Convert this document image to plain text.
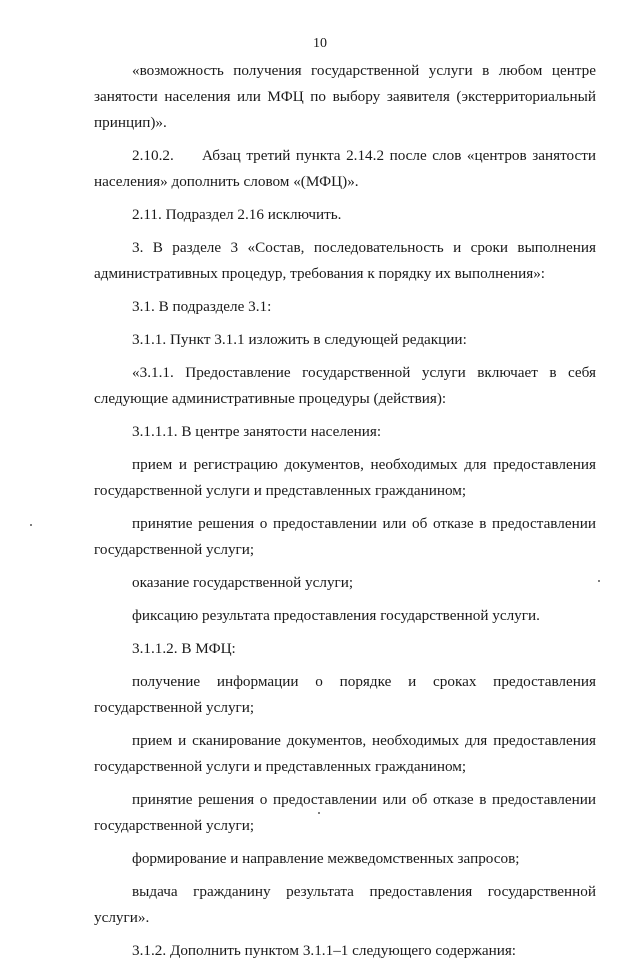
10

«возможность получения государственной услуги в любом центре занятости населения или МФЦ по выбору заявителя (экстерриториальный принцип)».

2.10.2. Абзац третий пункта 2.14.2 после слов «центров занятости населения» дополнить словом «(МФЦ)».

2.11. Подраздел 2.16 исключить.

3. В разделе 3 «Состав, последовательность и сроки выполнения административных процедур, требования к порядку их выполнения»:

3.1. В подразделе 3.1:

3.1.1. Пункт 3.1.1 изложить в следующей редакции:

«3.1.1. Предоставление государственной услуги включает в себя следующие административные процедуры (действия):

3.1.1.1. В центре занятости населения:

прием и регистрацию документов, необходимых для предоставления государственной услуги и представленных гражданином;

принятие решения о предоставлении или об отказе в предоставлении государственной услуги;

оказание государственной услуги;

фиксацию результата предоставления государственной услуги.

3.1.1.2. В МФЦ:

получение информации о порядке и сроках предоставления государственной услуги;

прием и сканирование документов, необходимых для предоставления государственной услуги и представленных гражданином;

принятие решения о предоставлении или об отказе в предоставлении государственной услуги;

формирование и направление межведомственных запросов;

выдача гражданину результата предоставления государственной услуги».

3.1.2. Дополнить пунктом 3.1.1–1 следующего содержания:
